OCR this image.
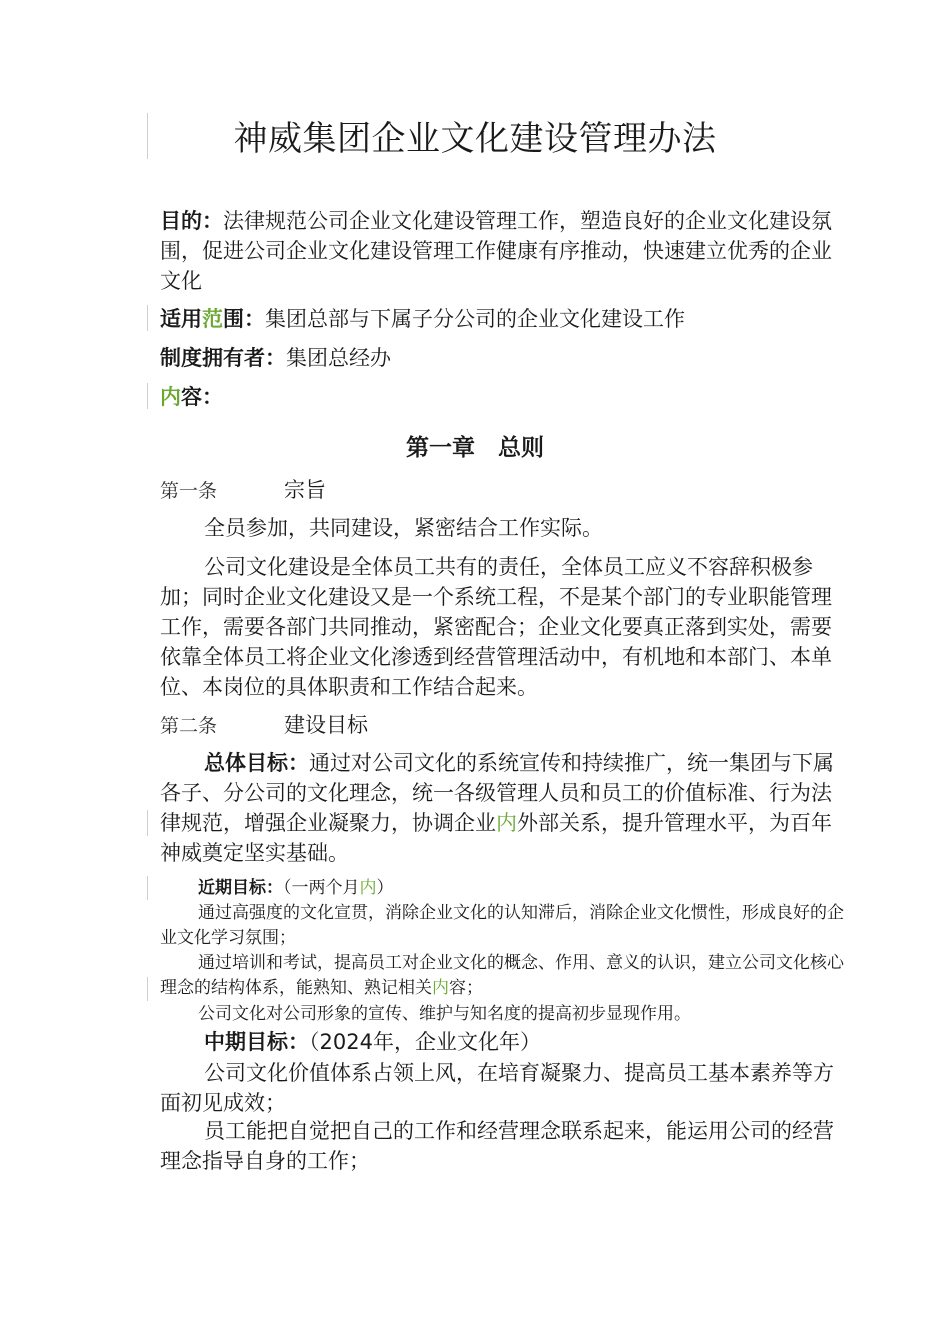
神威集团企业文化建设管理办法

目的：法律规范公司企业文化建设管理工作，塑造良好的企业文化建设氛围，促进公司企业文化建设管理工作健康有序推动，快速建立优秀的企业文化

适用范围：集团总部与下属子分公司的企业文化建设工作

制度拥有者：集团总经办

内容：

第一章　总则
第一条	宗旨

全员参加，共同建设，紧密结合工作实际。

公司文化建设是全体员工共有的责任，全体员工应义不容辞积极参加；同时企业文化建设又是一个系统工程，不是某个部门的专业职能管理工作，需要各部门共同推动，紧密配合；企业文化要真正落到实处，需要依靠全体员工将企业文化渗透到经营管理活动中，有机地和本部门、本单位、本岗位的具体职责和工作结合起来。

第二条	建设目标

总体目标：通过对公司文化的系统宣传和持续推广，统一集团与下属各子、分公司的文化理念，统一各级管理人员和员工的价值标准、行为法律规范，增强企业凝聚力，协调企业内外部关系，提升管理水平，为百年神威奠定坚实基础。

近期目标：（一两个月内）

通过高强度的文化宣贯，消除企业文化的认知滞后，消除企业文化惯性，形成良好的企业文化学习氛围；

通过培训和考试，提高员工对企业文化的概念、作用、意义的认识，建立公司文化核心理念的结构体系，能熟知、熟记相关内容；

公司文化对公司形象的宣传、维护与知名度的提高初步显现作用。

中期目标：（2024年，企业文化年）

公司文化价值体系占领上风，在培育凝聚力、提高员工基本素养等方面初见成效；

员工能把自觉把自己的工作和经营理念联系起来，能运用公司的经营理念指导自身的工作；
